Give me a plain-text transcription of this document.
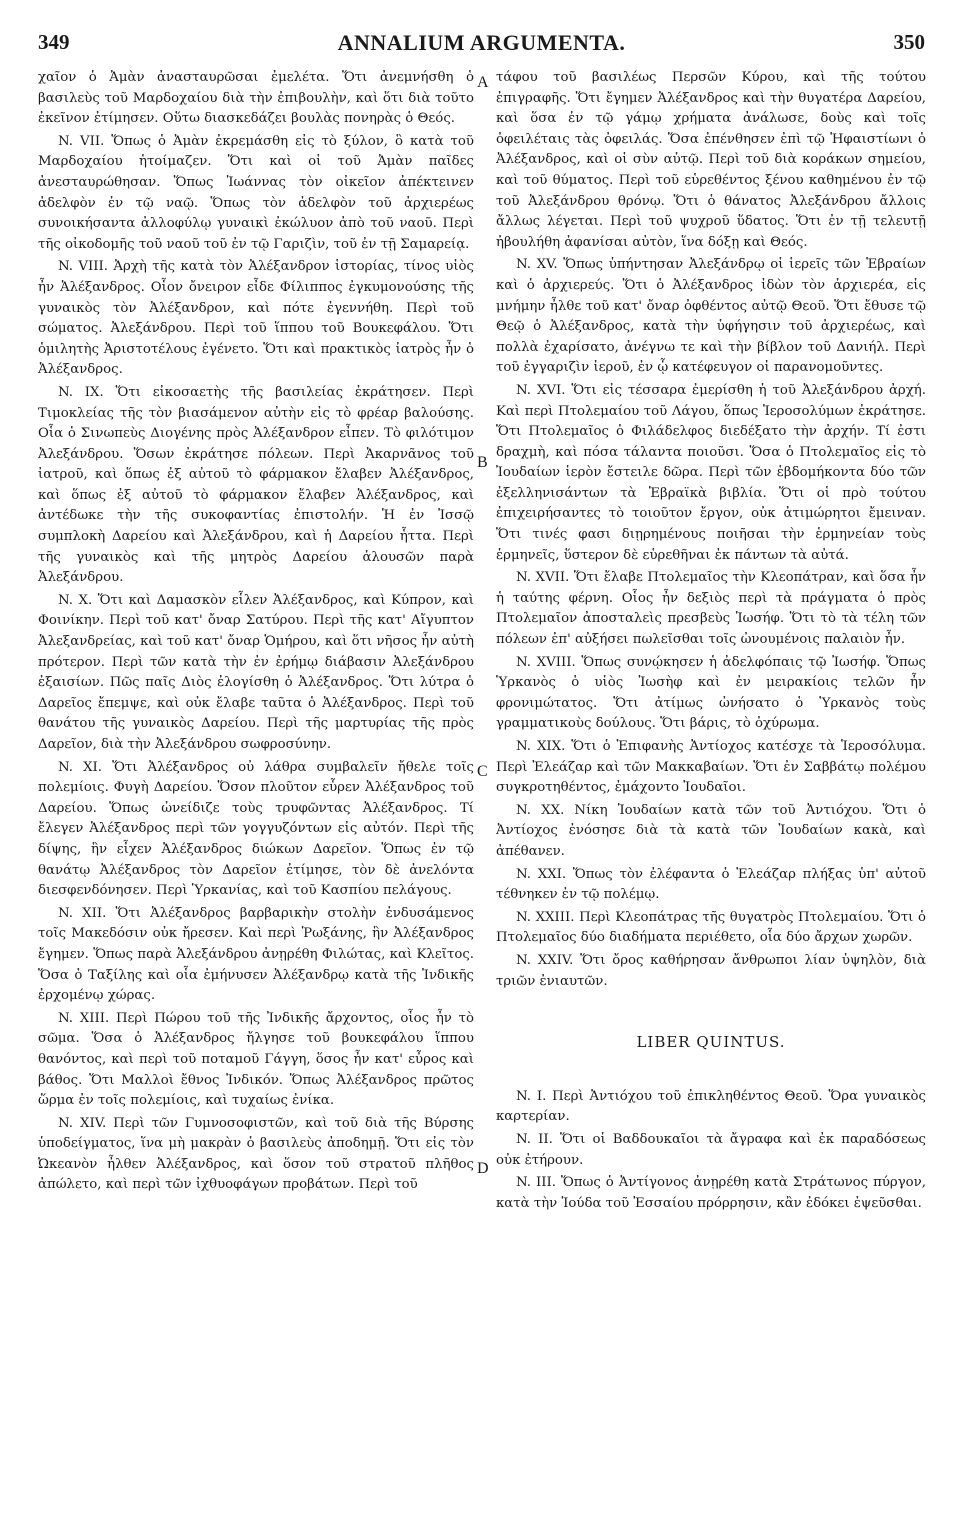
349	ANNALIUM ARGUMENTA.	350

χαῖον ὁ Ἀμὰν ἀνασταυρῶσαι ἐμελέτα. Ὅτι ἀνεμνήσθη ὁ βασιλεὺς τοῦ Μαρδοχαίου διὰ τὴν ἐπιβουλὴν, καὶ ὅτι διὰ τοῦτο ἐκεῖνον ἐτίμησεν. Οὕτω διασκεδάζει βουλὰς πονηρὰς ὁ Θεός.

N. VII. Ὅπως ὁ Ἀμὰν ἐκρεμάσθη εἰς τὸ ξύλον, ὃ κατὰ τοῦ Μαρδοχαίου ἡτοίμαζεν. Ὅτι καὶ οἱ τοῦ Ἀμὰν παῖδες ἀνεσταυρώθησαν. Ὅπως Ἰωάννας τὸν οἰκεῖον ἀπέκτεινεν ἀδελφὸν ἐν τῷ ναῷ. Ὅπως τὸν ἀδελφὸν τοῦ ἀρχιερέως συνοικήσαντα ἀλλοφύλῳ γυναικὶ ἐκώλυον ἀπὸ τοῦ ναοῦ. Περὶ τῆς οἰκοδομῆς τοῦ ναοῦ τοῦ ἐν τῷ Γαριζὶν, τοῦ ἐν τῇ Σαμαρείᾳ.

N. VIII. Ἀρχὴ τῆς κατὰ τὸν Ἀλέξανδρον ἱστορίας, τίνος υἱὸς ἦν Ἀλέξανδρος. Οἷον ὄνειρον εἶδε Φίλιππος ἐγκυμονούσης τῆς γυναικὸς τὸν Ἀλέξανδρον, καὶ πότε ἐγεννήθη. Περὶ τοῦ σώματος. Ἀλεξάνδρου. Περὶ τοῦ ἵππου τοῦ Βουκεφάλου. Ὅτι ὁμιλητὴς Ἀριστοτέλους ἐγένετο. Ὅτι καὶ πρακτικὸς ἰατρὸς ἦν ὁ Ἀλέξανδρος.

N. IX. Ὅτι εἰκοσαετὴς τῆς βασιλείας ἐκράτησεν. Περὶ Τιμοκλείας τῆς τὸν βιασάμενον αὐτὴν εἰς τὸ φρέαρ βαλούσης. Οἷα ὁ Σινωπεὺς Διογένης πρὸς Ἀλέξανδρον εἶπεν. Τὸ φιλότιμον Ἀλεξάνδρου. Ὅσων ἐκράτησε πόλεων. Περὶ Ἀκαρνᾶνος τοῦ ἰατροῦ, καὶ ὅπως ἐξ αὐτοῦ τὸ φάρμακον ἔλαβεν Ἀλέξανδρος, καὶ ὅπως ἐξ αὐτοῦ τὸ φάρμακον ἔλαβεν Ἀλέξανδρος, καὶ ἀντέδωκε τὴν τῆς συκοφαντίας ἐπιστολήν. Ἡ ἐν Ἰσσῷ συμπλοκὴ Δαρείου καὶ Ἀλεξάνδρου, καὶ ἡ Δαρείου ἧττα. Περὶ τῆς γυναικὸς καὶ τῆς μητρὸς Δαρείου ἁλουσῶν παρὰ Ἀλεξάνδρου.

N. X. Ὅτι καὶ Δαμασκὸν εἷλεν Ἀλέξανδρος, καὶ Κύπρον, καὶ Φοινίκην. Περὶ τοῦ κατ' ὄναρ Σατύρου. Περὶ τῆς κατ' Αἴγυπτον Ἀλεξανδρείας, καὶ τοῦ κατ' ὄναρ Ὁμήρου, καὶ ὅτι νῆσος ἦν αὐτὴ πρότερον. Περὶ τῶν κατὰ τὴν ἐν ἐρήμῳ διάβασιν Ἀλεξάνδρου ἐξαισίων. Πῶς παῖς Διὸς ἐλογίσθη ὁ Ἀλέξανδρος. Ὅτι λύτρα ὁ Δαρεῖος ἔπεμψε, καὶ οὐκ ἔλαβε ταῦτα ὁ Ἀλέξανδρος. Περὶ τοῦ θανάτου τῆς γυναικὸς Δαρείου. Περὶ τῆς μαρτυρίας τῆς πρὸς Δαρεῖον, διὰ τὴν Ἀλεξάνδρου σωφροσύνην.

N. XI. Ὅτι Ἀλέξανδρος οὐ λάθρα συμβαλεῖν ἤθελε τοῖς πολεμίοις. Φυγὴ Δαρείου. Ὅσον πλοῦτον εὗρεν Ἀλέξανδρος τοῦ Δαρείου. Ὅπως ὠνείδιζε τοὺς τρυφῶντας Ἀλέξανδρος. Τί ἔλεγεν Ἀλέξανδρος περὶ τῶν γογγυζόντων εἰς αὐτόν. Περὶ τῆς δίψης, ἣν εἶχεν Ἀλέξανδρος διώκων Δαρεῖον. Ὅπως ἐν τῷ θανάτῳ Ἀλέξανδρος τὸν Δαρεῖον ἐτίμησε, τὸν δὲ ἀνελόντα διεσφενδόνησεν. Περὶ Ὑρκανίας, καὶ τοῦ Κασπίου πελάγους.

N. XII. Ὅτι Ἀλέξανδρος βαρβαρικὴν στολὴν ἐνδυσάμενος τοῖς Μακεδόσιν οὐκ ἤρεσεν. Καὶ περὶ Ῥωξάνης, ἣν Ἀλέξανδρος ἔγημεν. Ὅπως παρὰ Ἀλεξάνδρου ἀνῃρέθη Φιλώτας, καὶ Κλεῖτος. Ὅσα ὁ Ταξίλης καὶ οἷα ἐμήνυσεν Ἀλέξανδρῳ κατὰ τῆς Ἰνδικῆς ἐρχομένῳ χώρας.

N. XIII. Περὶ Πώρου τοῦ τῆς Ἰνδικῆς ἄρχοντος, οἷος ἦν τὸ σῶμα. Ὅσα ὁ Ἀλέξανδρος ἤλγησε τοῦ βουκεφάλου ἵππου θανόντος, καὶ περὶ τοῦ ποταμοῦ Γάγγη, ὅσος ἦν κατ' εὖρος καὶ βάθος. Ὅτι Μαλλοὶ ἔθνος Ἰνδικόν. Ὅπως Ἀλέξανδρος πρῶτος ὥρμα ἐν τοῖς πολεμίοις, καὶ τυχαίως ἐνίκα.

N. XIV. Περὶ τῶν Γυμνοσοφιστῶν, καὶ τοῦ διὰ τῆς Βύρσης ὑποδείγματος, ἵνα μὴ μακρὰν ὁ βασιλεὺς ἀποδημῇ. Ὅτι εἰς τὸν Ὠκεανὸν ἦλθεν Ἀλέξανδρος, καὶ ὅσον τοῦ στρατοῦ πλῆθος ἀπώλετο, καὶ περὶ τῶν ἰχθυοφάγων προβάτων. Περὶ τοῦ

A
B
C
D

τάφου τοῦ βασιλέως Περσῶν Κύρου, καὶ τῆς τούτου ἐπιγραφῆς. Ὅτι ἔγημεν Ἀλέξανδρος καὶ τὴν θυγατέρα Δαρείου, καὶ ὅσα ἐν τῷ γάμῳ χρήματα ἀνάλωσε, δοὺς καὶ τοῖς ὀφειλέταις τὰς ὀφειλάς. Ὅσα ἐπένθησεν ἐπὶ τῷ Ἡφαιστίωνι ὁ Ἀλέξανδρος, καὶ οἱ σὺν αὐτῷ. Περὶ τοῦ διὰ κοράκων σημείου, καὶ τοῦ θύματος. Περὶ τοῦ εὑρεθέντος ξένου καθημένου ἐν τῷ τοῦ Ἀλεξάνδρου θρόνῳ. Ὅτι ὁ θάνατος Ἀλεξάνδρου ἄλλοις ἄλλως λέγεται. Περὶ τοῦ ψυχροῦ ὕδατος. Ὅτι ἐν τῇ τελευτῇ ἠβουλήθη ἀφανίσαι αὐτὸν, ἵνα δόξῃ καὶ Θεός.

N. XV. Ὅπως ὑπήντησαν Ἀλεξάνδρῳ οἱ ἱερεῖς τῶν Ἑβραίων καὶ ὁ ἀρχιερεύς. Ὅτι ὁ Ἀλέξανδρος ἰδὼν τὸν ἀρχιερέα, εἰς μνήμην ἦλθε τοῦ κατ' ὄναρ ὀφθέντος αὐτῷ Θεοῦ. Ὅτι ἔθυσε τῷ Θεῷ ὁ Ἀλέξανδρος, κατὰ τὴν ὑφήγησιν τοῦ ἀρχιερέως, καὶ πολλὰ ἐχαρίσατο, ἀνέγνω τε καὶ τὴν βίβλον τοῦ Δανιήλ. Περὶ τοῦ ἐγγαριζὶν ἱεροῦ, ἐν ᾧ κατέφευγον οἱ παρανομοῦντες.

N. XVI. Ὅτι εἰς τέσσαρα ἐμερίσθη ἡ τοῦ Ἀλεξάνδρου ἀρχή. Καὶ περὶ Πτολεμαίου τοῦ Λάγου, ὅπως Ἱεροσολύμων ἐκράτησε. Ὅτι Πτολεμαῖος ὁ Φιλάδελφος διεδέξατο τὴν ἀρχήν. Τί ἐστι δραχμὴ, καὶ πόσα τάλαντα ποιοῦσι. Ὅσα ὁ Πτολεμαῖος εἰς τὸ Ἰουδαίων ἱερὸν ἔστειλε δῶρα. Περὶ τῶν ἑβδομήκοντα δύο τῶν ἐξελληνισάντων τὰ Ἑβραϊκὰ βιβλία. Ὅτι οἱ πρὸ τούτου ἐπιχειρήσαντες τὸ τοιοῦτον ἔργον, οὐκ ἀτιμώρητοι ἔμειναν. Ὅτι τινές φασι διῃρημένους ποιῆσαι τὴν ἑρμηνείαν τοὺς ἑρμηνεῖς, ὕστερον δὲ εὑρεθῆναι ἐκ πάντων τὰ αὐτά.

N. XVII. Ὅτι ἔλαβε Πτολεμαῖος τὴν Κλεοπάτραν, καὶ ὅσα ἦν ἡ ταύτης φέρνη. Οἷος ἦν δεξιὸς περὶ τὰ πράγματα ὁ πρὸς Πτολεμαῖον ἀποσταλεὶς πρεσβεὺς Ἰωσήφ. Ὅτι τὸ τὰ τέλη τῶν πόλεων ἐπ' αὐξήσει πωλεῖσθαι τοῖς ὠνουμένοις παλαιὸν ἦν.

N. XVIII. Ὅπως συνῴκησεν ἡ ἀδελφόπαις τῷ Ἰωσήφ. Ὅπως Ὑρκανὸς ὁ υἱὸς Ἰωσὴφ καὶ ἐν μειρακίοις τελῶν ἦν φρονιμώτατος. Ὅτι ἀτίμως ὠνήσατο ὁ Ὑρκανὸς τοὺς γραμματικοὺς δούλους. Ὅτι βάρις, τὸ ὀχύρωμα.

N. XIX. Ὅτι ὁ Ἐπιφανὴς Ἀντίοχος κατέσχε τὰ Ἱεροσόλυμα. Περὶ Ἐλεάζαρ καὶ τῶν Μακκαβαίων. Ὅτι ἐν Σαββάτῳ πολέμου συγκροτηθέντος, ἐμάχοντο Ἰουδαῖοι.

N. XX. Νίκη Ἰουδαίων κατὰ τῶν τοῦ Ἀντιόχου. Ὅτι ὁ Ἀντίοχος ἐνόσησε διὰ τὰ κατὰ τῶν Ἰουδαίων κακὰ, καὶ ἀπέθανεν.

N. XXI. Ὅπως τὸν ἐλέφαντα ὁ Ἐλεάζαρ πλήξας ὑπ' αὐτοῦ τέθνηκεν ἐν τῷ πολέμῳ.

N. XXIII. Περὶ Κλεοπάτρας τῆς θυγατρὸς Πτολεμαίου. Ὅτι ὁ Πτολεμαῖος δύο διαδήματα περιέθετο, οἷα δύο ἄρχων χωρῶν.

N. XXIV. Ὅτι ὄρος καθήρησαν ἄνθρωποι λίαν ὑψηλὸν, διὰ τριῶν ἐνιαυτῶν.

LIBER QUINTUS.

N. I. Περὶ Ἀντιόχου τοῦ ἐπικληθέντος Θεοῦ. Ὅρα γυναικὸς καρτερίαν.

N. II. Ὅτι οἱ Βαδδουκαῖοι τὰ ἄγραφα καὶ ἐκ παραδόσεως οὐκ ἐτήρουν.

N. III. Ὅπως ὁ Ἀντίγονος ἀνῃρέθη κατὰ Στράτωνος πύργον, κατὰ τὴν Ἰούδα τοῦ Ἐσσαίου πρόρρησιν, κἂν ἐδόκει ἐψεῦσθαι.
